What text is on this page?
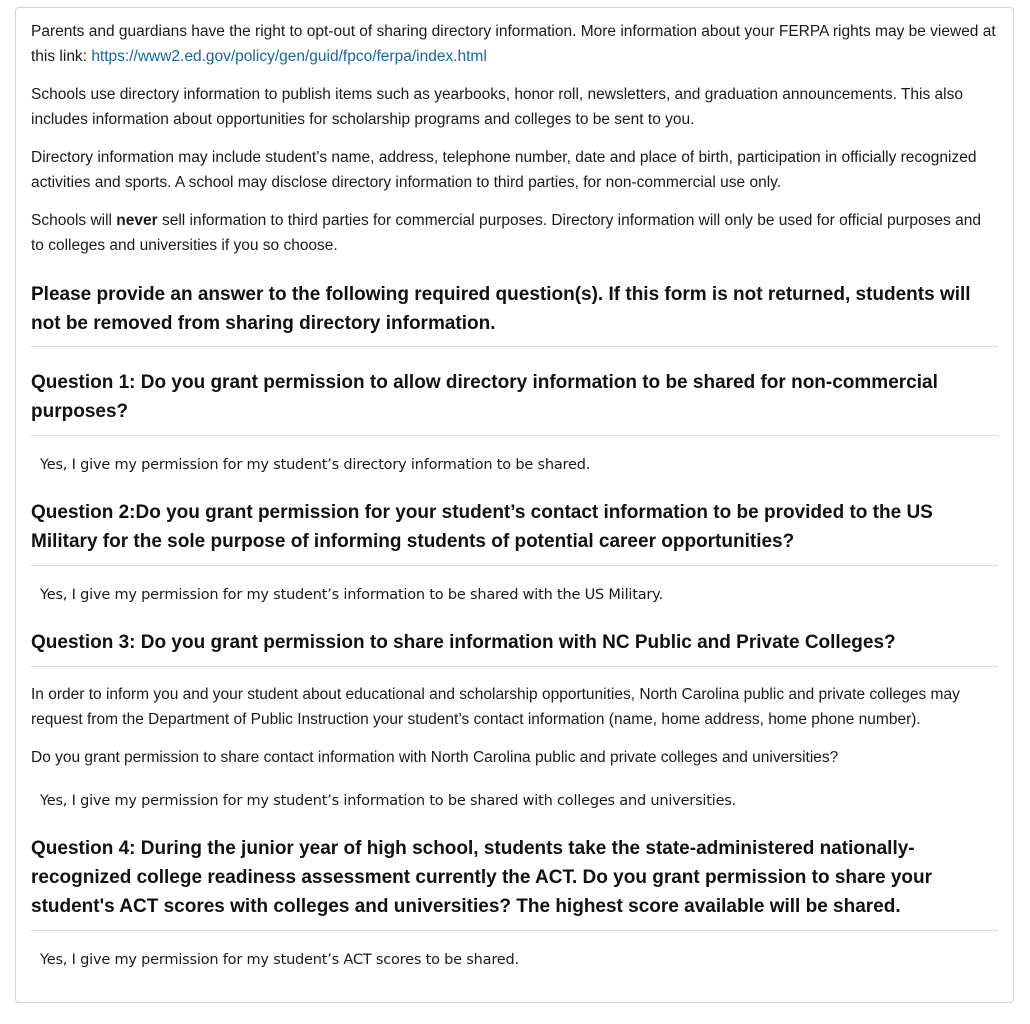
Parents and guardians have the right to opt-out of sharing directory information. More information about your FERPA rights may be viewed at this link: https://www2.ed.gov/policy/gen/guid/fpco/ferpa/index.html

Schools use directory information to publish items such as yearbooks, honor roll, newsletters, and graduation announcements. This also includes information about opportunities for scholarship programs and colleges to be sent to you.

Directory information may include student’s name, address, telephone number, date and place of birth, participation in officially recognized activities and sports. A school may disclose directory information to third parties, for non-commercial use only.

Schools will never sell information to third parties for commercial purposes. Directory information will only be used for official purposes and to colleges and universities if you so choose.

Please provide an answer to the following required question(s). If this form is not returned, students will not be removed from sharing directory information.
Question 1: Do you grant permission to allow directory information to be shared for non-commercial purposes?
Yes, I give my permission for my student’s directory information to be shared.
Question 2:Do you grant permission for your student’s contact information to be provided to the US Military for the sole purpose of informing students of potential career opportunities?
Yes, I give my permission for my student’s information to be shared with the US Military.
Question 3: Do you grant permission to share information with NC Public and Private Colleges?

In order to inform you and your student about educational and scholarship opportunities, North Carolina public and private colleges may request from the Department of Public Instruction your student’s contact information (name, home address, home phone number).

Do you grant permission to share contact information with North Carolina public and private colleges and universities?

Yes, I give my permission for my student’s information to be shared with colleges and universities.
Question 4: During the junior year of high school, students take the state-administered nationally-recognized college readiness assessment currently the ACT. Do you grant permission to share your student's ACT scores with colleges and universities? The highest score available will be shared.
Yes, I give my permission for my student’s ACT scores to be shared.
